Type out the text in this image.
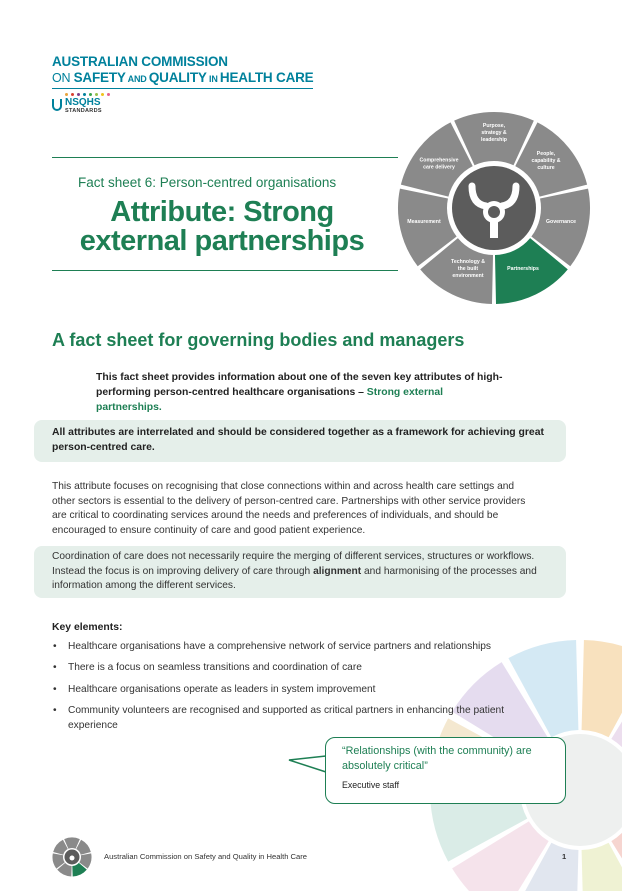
AUSTRALIAN COMMISSION
ON SAFETY AND QUALITY IN HEALTH CARE
NSQHS
STANDARDS
Fact sheet 6: Person-centred organisations
Attribute: Strong
external partnerships
Purpose, strategy & leadership
People, capability & culture
Governance
Partnerships
Technology & the built environment
Measurement
Comprehensive care delivery
A fact sheet for governing bodies and managers
This fact sheet provides information about one of the seven key attributes of high-performing person-centred healthcare organisations – Strong external partnerships.
All attributes are interrelated and should be considered together as a framework for achieving great person-centred care.
This attribute focuses on recognising that close connections within and across health care settings and other sectors is essential to the delivery of person-centred care. Partnerships with other service providers are critical to coordinating services around the needs and preferences of individuals, and should be encouraged to ensure continuity of care and good patient experience.
Coordination of care does not necessarily require the merging of different services, structures or workflows. Instead the focus is on improving delivery of care through alignment and harmonising of the processes and information among the different services.
Key elements:
• Healthcare organisations have a comprehensive network of service partners and relationships
• There is a focus on seamless transitions and coordination of care
• Healthcare organisations operate as leaders in system improvement
• Community volunteers are recognised and supported as critical partners in enhancing the patient experience
“Relationships (with the community) are absolutely critical”
Executive staff
Australian Commission on Safety and Quality in Health Care	1
